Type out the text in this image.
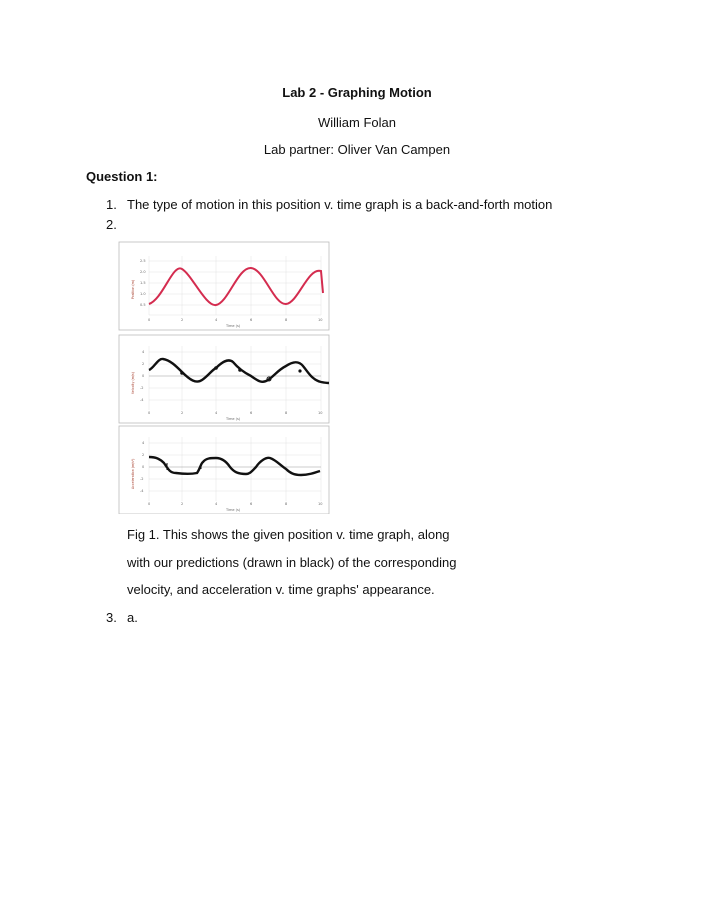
Lab 2 - Graphing Motion
William Folan
Lab partner: Oliver Van Campen
Question 1:
1. The type of motion in this position v. time graph is a back-and-forth motion
2.
2.5
2.0
1.5
1.0
0.5
0	2	4	6	8	10
Time (s)
Position (m)
4
2
0
-2
-4
0	2	4	6	8	10
Time (s)
Velocity (m/s)
4
2
0
-2
-4
0	2	4	6	8	10
Time (s)
Acceleration (m/s²)
Fig 1. This shows the given position v. time graph, along
with our predictions (drawn in black) of the corresponding
velocity, and acceleration v. time graphs' appearance.
3. a.
